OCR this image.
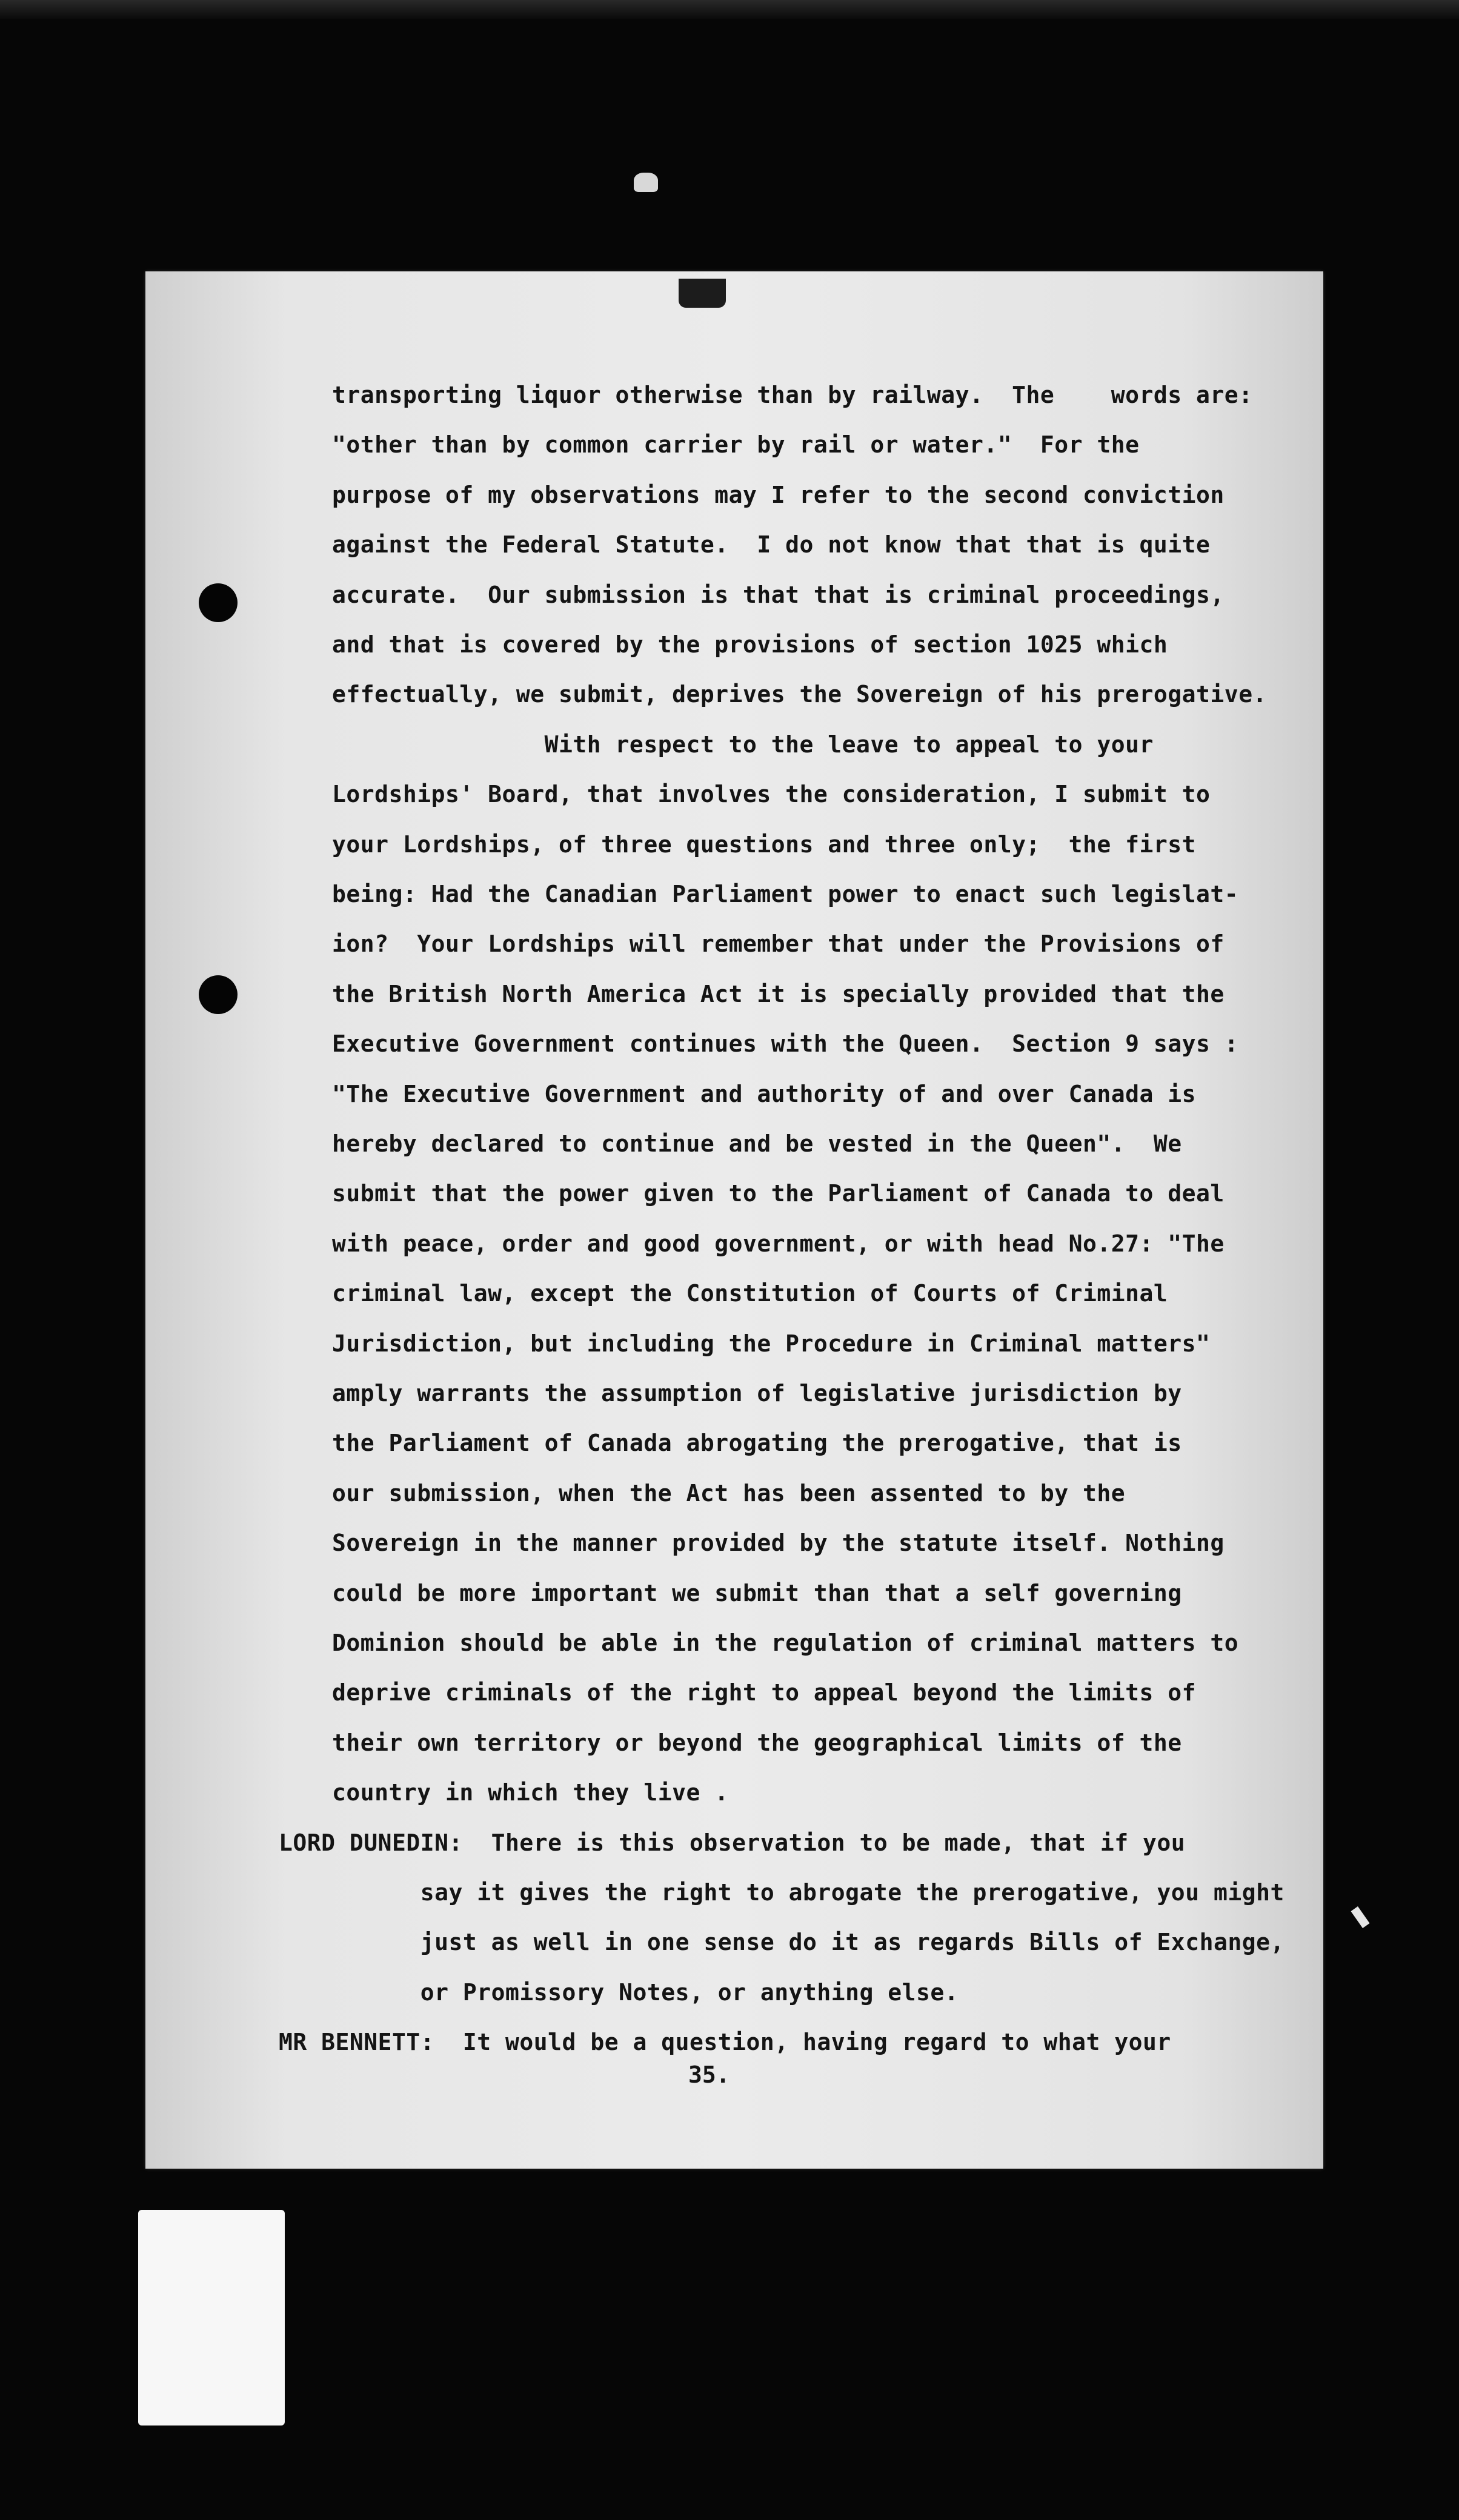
transporting liquor otherwise than by railway.  The    words are:
"other than by common carrier by rail or water."  For the
purpose of my observations may I refer to the second conviction
against the Federal Statute.  I do not know that that is quite
accurate.  Our submission is that that is criminal proceedings,
and that is covered by the provisions of section 1025 which
effectually, we submit, deprives the Sovereign of his prerogative.
With respect to the leave to appeal to your
Lordships' Board, that involves the consideration, I submit to
your Lordships, of three questions and three only;  the first
being: Had the Canadian Parliament power to enact such legislat-
ion?  Your Lordships will remember that under the Provisions of
the British North America Act it is specially provided that the
Executive Government continues with the Queen.  Section 9 says :
"The Executive Government and authority of and over Canada is
hereby declared to continue and be vested in the Queen".  We
submit that the power given to the Parliament of Canada to deal
with peace, order and good government, or with head No.27: "The
criminal law, except the Constitution of Courts of Criminal
Jurisdiction, but including the Procedure in Criminal matters"
amply warrants the assumption of legislative jurisdiction by
the Parliament of Canada abrogating the prerogative, that is
our submission, when the Act has been assented to by the
Sovereign in the manner provided by the statute itself. Nothing
could be more important we submit than that a self governing
Dominion should be able in the regulation of criminal matters to
deprive criminals of the right to appeal beyond the limits of
their own territory or beyond the geographical limits of the
country in which they live .
LORD DUNEDIN:  There is this observation to be made, that if you
say it gives the right to abrogate the prerogative, you might
just as well in one sense do it as regards Bills of Exchange,
or Promissory Notes, or anything else.
MR BENNETT:  It would be a question, having regard to what your
35.
